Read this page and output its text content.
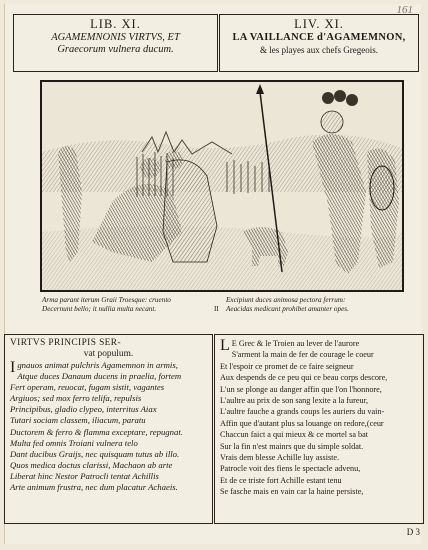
161
LIB. XI.
AGAMEMNONIS VIRTVS, ET
Graecorum vulnera ducum.
LIV. XI.
LA VAILLANCE d'AGAMEMNON,
& les playes aux chefs Gregeois.
Arma parant iterum Graii Troesque: cruento
Decernunt bello; it nullia multa necant.	II
Excipiunt duces animosa pectora ferrum:
Aeacidas medicant prohibet amanter opes.
VIRTVS PRINCIPIS SER-
vat populum.
I gnauos animat pulchris Agamemnon in armis,
Atque duces Danaum ducens in praelia, fortem
Fert operam, reuocat, fugam sistit, vagantes
Argiuos; sed mox ferro telifa, repulsis
Principibus, gladio clypeo, interritus Aiax
Tutari sociam classem, iliacum, paratu
Ductorem & ferro & flamma exceptare, repugnat.
Multa fed omnis Troiani vulnera telo
Dant ducibus Graijs, nec quisquam tutus ab illo.
Quos medica doctus clarissi, Machaon ab arte
Liberat hinc Nestor Patrocli tentat Achillis
Arte animum frustra, nec dum placatur Achaeis.
L E Grec & le Troien au lever de l'aurore
S'arment la main de fer de courage le coeur
Et l'espoir ce promet de ce faire seigneur
Aux despends de ce peu qui ce beau corps descore,
L'un se plonge au danger affin que l'on l'honnore,
L'aultre au prix de son sang lexite a la fureur,
L'aultre fauche a grands coups les auriers du vain-
Affin que d'autant plus sa louange on redore,(ceur
Chaccun faict a qui mieux & ce mortel sa bat
Sur la fin n'est mainrs que du simple soldat.
Vrais dem blesse Achille luy assiste.
Patrocle voit des fiens le spectacle advenu,
Et de ce triste fort Achille estant tenu
Se fasche mais en vain car la haine persiste,
D 3
